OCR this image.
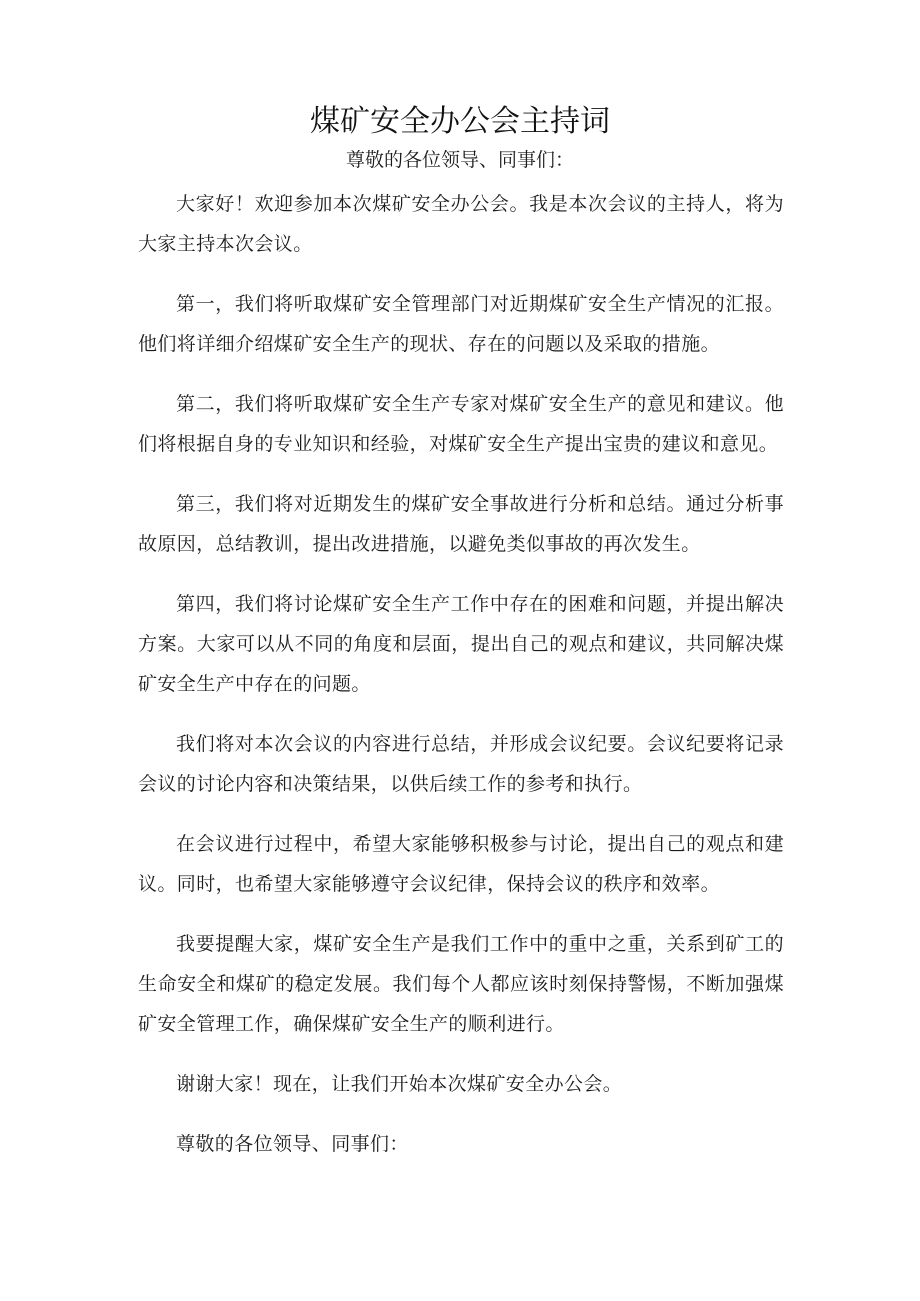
煤矿安全办公会主持词

尊敬的各位领导、同事们：

大家好！欢迎参加本次煤矿安全办公会。我是本次会议的主持人，将为大家主持本次会议。

第一，我们将听取煤矿安全管理部门对近期煤矿安全生产情况的汇报。他们将详细介绍煤矿安全生产的现状、存在的问题以及采取的措施。

第二，我们将听取煤矿安全生产专家对煤矿安全生产的意见和建议。他们将根据自身的专业知识和经验，对煤矿安全生产提出宝贵的建议和意见。

第三，我们将对近期发生的煤矿安全事故进行分析和总结。通过分析事故原因，总结教训，提出改进措施，以避免类似事故的再次发生。

第四，我们将讨论煤矿安全生产工作中存在的困难和问题，并提出解决方案。大家可以从不同的角度和层面，提出自己的观点和建议，共同解决煤矿安全生产中存在的问题。

我们将对本次会议的内容进行总结，并形成会议纪要。会议纪要将记录会议的讨论内容和决策结果，以供后续工作的参考和执行。

在会议进行过程中，希望大家能够积极参与讨论，提出自己的观点和建议。同时，也希望大家能够遵守会议纪律，保持会议的秩序和效率。

我要提醒大家，煤矿安全生产是我们工作中的重中之重，关系到矿工的生命安全和煤矿的稳定发展。我们每个人都应该时刻保持警惕，不断加强煤矿安全管理工作，确保煤矿安全生产的顺利进行。

谢谢大家！现在，让我们开始本次煤矿安全办公会。

尊敬的各位领导、同事们：
